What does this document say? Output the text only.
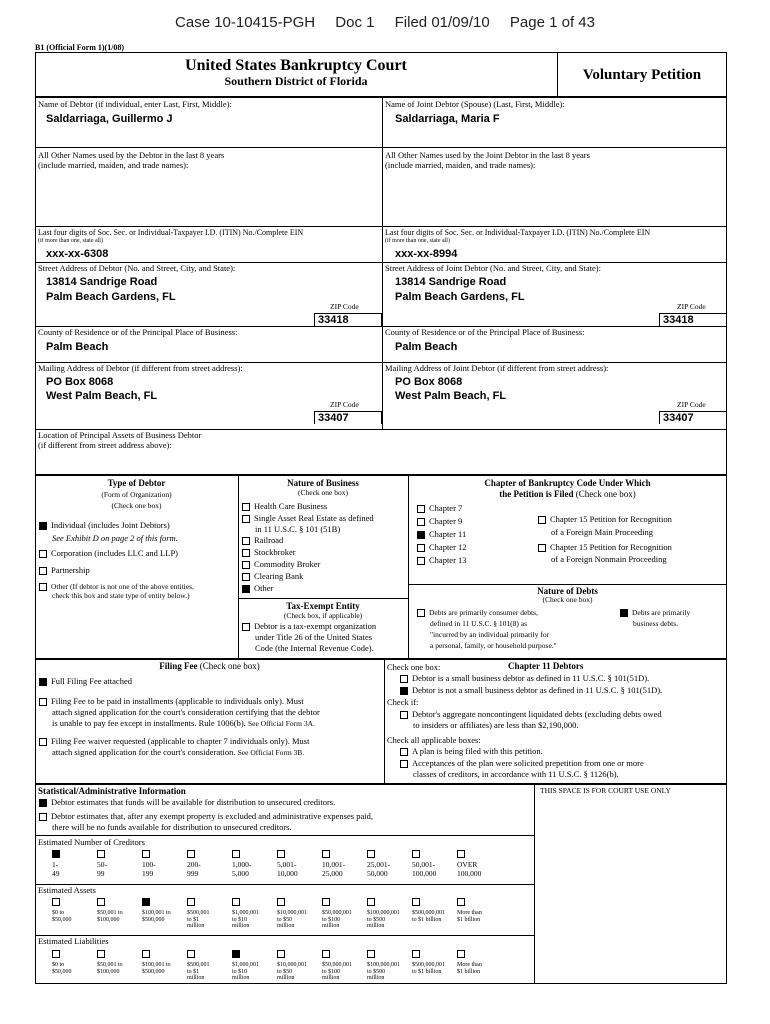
Case 10-10415-PGH Doc 1 Filed 01/09/10 Page 1 of 43
B1 (Official Form 1)(1/08)
United States Bankruptcy Court
Southern District of Florida	Voluntary Petition
Name of Debtor (if individual, enter Last, First, Middle):
Saldarriaga, Guillermo J
All Other Names used by the Debtor in the last 8 years
(include married, maiden, and trade names):
Last four digits of Soc. Sec. or Individual-Taxpayer I.D. (ITIN) No./Complete EIN
(if more than one, state all)
xxx-xx-6308
Street Address of Debtor (No. and Street, City, and State):
13814 Sandrige Road
Palm Beach Gardens, FL
ZIP Code
33418
County of Residence or of the Principal Place of Business:
Palm Beach
Mailing Address of Debtor (if different from street address):
PO Box 8068
West Palm Beach, FL
ZIP Code
33407
Name of Joint Debtor (Spouse) (Last, First, Middle):
Saldarriaga, Maria F
All Other Names used by the Joint Debtor in the last 8 years
(include married, maiden, and trade names):
Last four digits of Soc. Sec. or Individual-Taxpayer I.D. (ITIN) No./Complete EIN
(if more than one, state all)
xxx-xx-8994
Street Address of Joint Debtor (No. and Street, City, and State):
13814 Sandrige Road
Palm Beach Gardens, FL
ZIP Code
33418
County of Residence or of the Principal Place of Business:
Palm Beach
Mailing Address of Joint Debtor (if different from street address):
PO Box 8068
West Palm Beach, FL
ZIP Code
33407
Location of Principal Assets of Business Debtor
(if different from street address above):
Type of Debtor
(Form of Organization)
(Check one box)
Individual (includes Joint Debtors)
See Exhibit D on page 2 of this form.
Corporation (includes LLC and LLP)
Partnership
Other (If debtor is not one of the above entities,
check this box and state type of entity below.)
Nature of Business
(Check one box)
Health Care Business
Single Asset Real Estate as defined
in 11 U.S.C. § 101 (51B)
Railroad
Stockbroker
Commodity Broker
Clearing Bank
Other
Tax-Exempt Entity
(Check box, if applicable)
Debtor is a tax-exempt organization
under Title 26 of the United States
Code (the Internal Revenue Code).
Chapter of Bankruptcy Code Under Which
the Petition is Filed (Check one box)
Chapter 7
Chapter 9
Chapter 11
Chapter 12
Chapter 13
Chapter 15 Petition for Recognition
of a Foreign Main Proceeding
Chapter 15 Petition for Recognition
of a Foreign Nonmain Proceeding
Nature of Debts
(Check one box)
Debts are primarily consumer debts,
defined in 11 U.S.C. § 101(8) as
"incurred by an individual primarily for
a personal, family, or household purpose."
Debts are primarily
business debts.
Filing Fee (Check one box)
Full Filing Fee attached
Filing Fee to be paid in installments (applicable to individuals only). Must
attach signed application for the court's consideration certifying that the debtor
is unable to pay fee except in installments. Rule 1006(b). See Official Form 3A.
Filing Fee waiver requested (applicable to chapter 7 individuals only). Must
attach signed application for the court's consideration. See Official Form 3B.
Check one box:	Chapter 11 Debtors
Debtor is a small business debtor as defined in 11 U.S.C. § 101(51D).
Debtor is not a small business debtor as defined in 11 U.S.C. § 101(51D).
Check if:
Debtor's aggregate noncontingent liquidated debts (excluding debts owed
to insiders or affiliates) are less than $2,190,000.
Check all applicable boxes:
A plan is being filed with this petition.
Acceptances of the plan were solicited prepetition from one or more
classes of creditors, in accordance with 11 U.S.C. § 1126(b).
Statistical/Administrative Information	THIS SPACE IS FOR COURT USE ONLY
Debtor estimates that funds will be available for distribution to unsecured creditors.
Debtor estimates that, after any exempt property is excluded and administrative expenses paid,
there will be no funds available for distribution to unsecured creditors.
Estimated Number of Creditors
1-
49
50-
99
100-
199
200-
999
1,000-
5,000
5,001-
10,000
10,001-
25,000
25,001-
50,000
50,001-
100,000
OVER
100,000
Estimated Assets
$0 to
$50,000
$50,001 to
$100,000
$100,001 to
$500,000
$500,001
to $1
million
$1,000,001
to $10
million
$10,000,001
to $50
million
$50,000,001
to $100
million
$100,000,001
to $500
million
$500,000,001
to $1 billion
More than
$1 billion
Estimated Liabilities
$0 to
$50,000
$50,001 to
$100,000
$100,001 to
$500,000
$500,001
to $1
million
$1,000,001
to $10
million
$10,000,001
to $50
million
$50,000,001
to $100
million
$100,000,001
to $500
million
$500,000,001
to $1 billion
More than
$1 billion
